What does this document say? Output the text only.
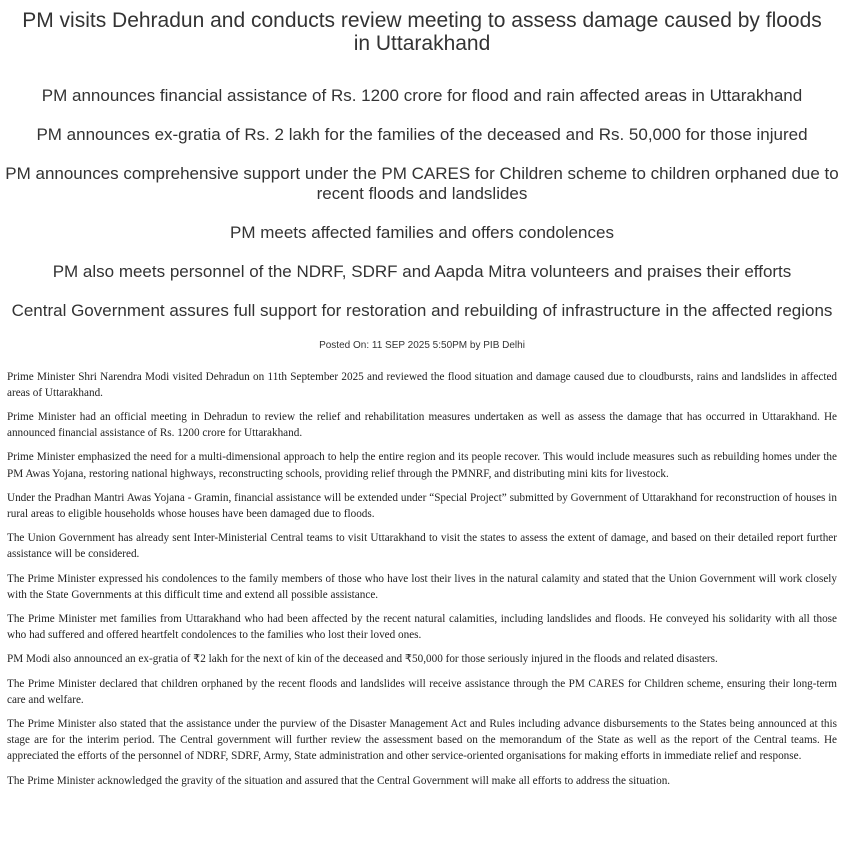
PM visits Dehradun and conducts review meeting to assess damage caused by floods in Uttarakhand
PM announces financial assistance of Rs. 1200 crore for flood and rain affected areas in Uttarakhand
PM announces ex-gratia of Rs. 2 lakh for the families of the deceased and Rs. 50,000 for those injured
PM announces comprehensive support under the PM CARES for Children scheme to children orphaned due to recent floods and landslides
PM meets affected families and offers condolences
PM also meets personnel of the NDRF, SDRF and Aapda Mitra volunteers and praises their efforts
Central Government assures full support for restoration and rebuilding of infrastructure in the affected regions
Posted On: 11 SEP 2025 5:50PM by PIB Delhi

Prime Minister Shri Narendra Modi visited Dehradun on 11th September 2025 and reviewed the flood situation and damage caused due to cloudbursts, rains and landslides in affected areas of Uttarakhand.

Prime Minister had an official meeting in Dehradun to review the relief and rehabilitation measures undertaken as well as assess the damage that has occurred in Uttarakhand. He announced financial assistance of Rs. 1200 crore for Uttarakhand.

Prime Minister emphasized the need for a multi-dimensional approach to help the entire region and its people recover. This would include measures such as rebuilding homes under the PM Awas Yojana, restoring national highways, reconstructing schools, providing relief through the PMNRF, and distributing mini kits for livestock.

Under the Pradhan Mantri Awas Yojana - Gramin, financial assistance will be extended under “Special Project” submitted by Government of Uttarakhand for reconstruction of houses in rural areas to eligible households whose houses have been damaged due to floods.

The Union Government has already sent Inter-Ministerial Central teams to visit Uttarakhand to visit the states to assess the extent of damage, and based on their detailed report further assistance will be considered.

The Prime Minister expressed his condolences to the family members of those who have lost their lives in the natural calamity and stated that the Union Government will work closely with the State Governments at this difficult time and extend all possible assistance.

The Prime Minister met families from Uttarakhand who had been affected by the recent natural calamities, including landslides and floods. He conveyed his solidarity with all those who had suffered and offered heartfelt condolences to the families who lost their loved ones.

PM Modi also announced an ex-gratia of ₹2 lakh for the next of kin of the deceased and ₹50,000 for those seriously injured in the floods and related disasters.

The Prime Minister declared that children orphaned by the recent floods and landslides will receive assistance through the PM CARES for Children scheme, ensuring their long-term care and welfare.

The Prime Minister also stated that the assistance under the purview of the Disaster Management Act and Rules including advance disbursements to the States being announced at this stage are for the interim period. The Central government will further review the assessment based on the memorandum of the State as well as the report of the Central teams. He appreciated the efforts of the personnel of NDRF, SDRF, Army, State administration and other service-oriented organisations for making efforts in immediate relief and response.

The Prime Minister acknowledged the gravity of the situation and assured that the Central Government will make all efforts to address the situation.
